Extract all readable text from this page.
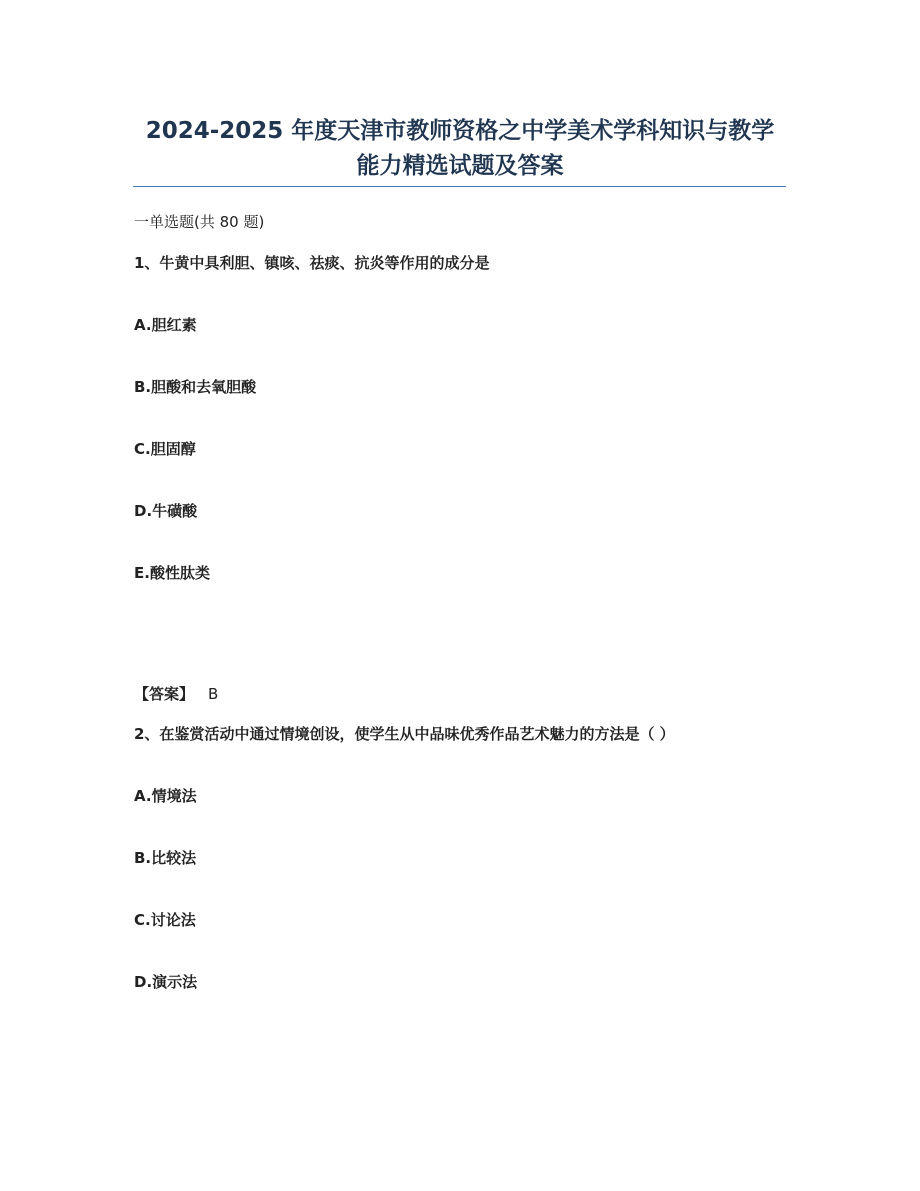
2024-2025 年度天津市教师资格之中学美术学科知识与教学
能力精选试题及答案

一单选题(共 80 题)

1、牛黄中具利胆、镇咳、祛痰、抗炎等作用的成分是

A.胆红素

B.胆酸和去氧胆酸

C.胆固醇

D.牛磺酸

E.酸性肽类

【答案】 B

2、在鉴赏活动中通过情境创设，使学生从中品味优秀作品艺术魅力的方法是（ ）

A.情境法

B.比较法

C.讨论法

D.演示法
